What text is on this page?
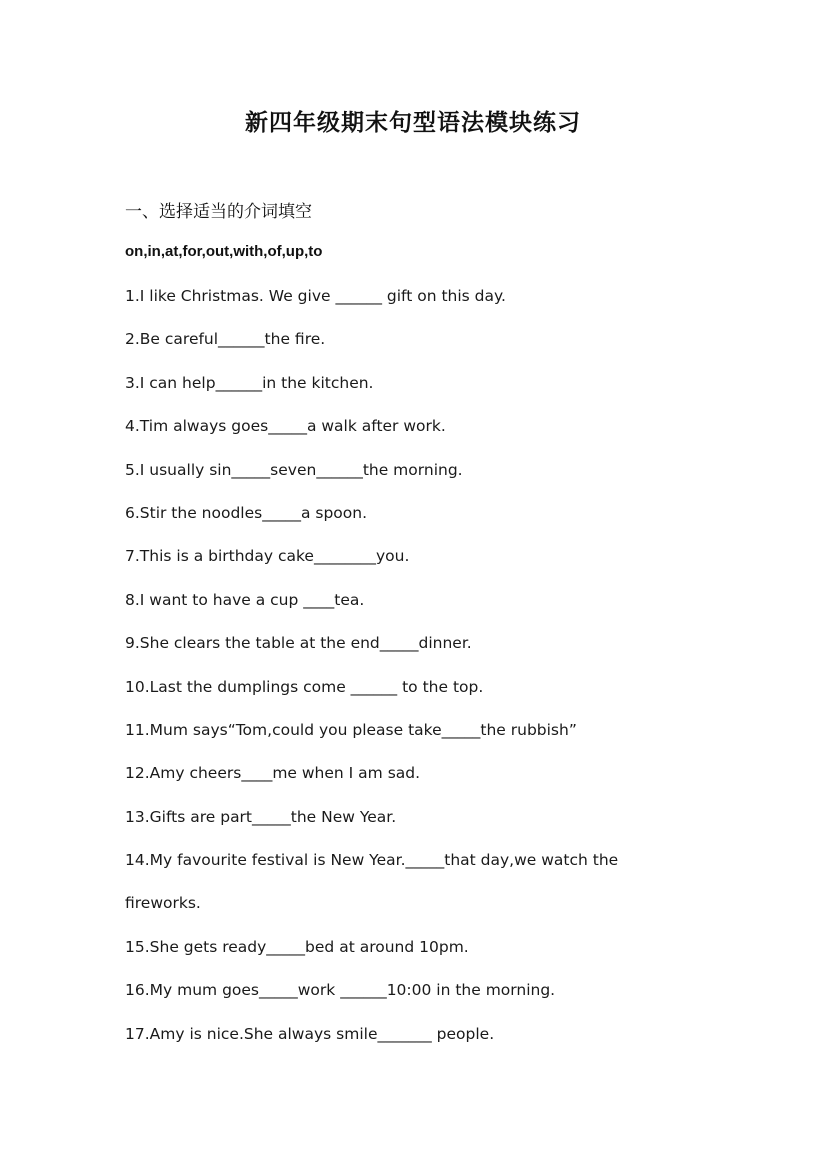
新四年级期末句型语法模块练习
一、选择适当的介词填空
on,in,at,for,out,with,of,up,to
1.I like Christmas. We give ______ gift on this day.
2.Be careful______the fire.
3.I can help______in the kitchen.
4.Tim always goes_____a walk after work.
5.I usually sin_____seven______the morning.
6.Stir the noodles_____a spoon.
7.This is a birthday cake________you.
8.I want to have a cup ____tea.
9.She clears the table at the end_____dinner.
10.Last the dumplings come ______ to the top.
11.Mum says“Tom,could you please take_____the rubbish”
12.Amy cheers____me when I am sad.
13.Gifts are part_____the New Year.
14.My favourite festival is New Year._____that day,we watch the fireworks.
15.She gets ready_____bed at around 10pm.
16.My mum goes_____work ______10:00 in the morning.
17.Amy is nice.She always smile_______ people.
